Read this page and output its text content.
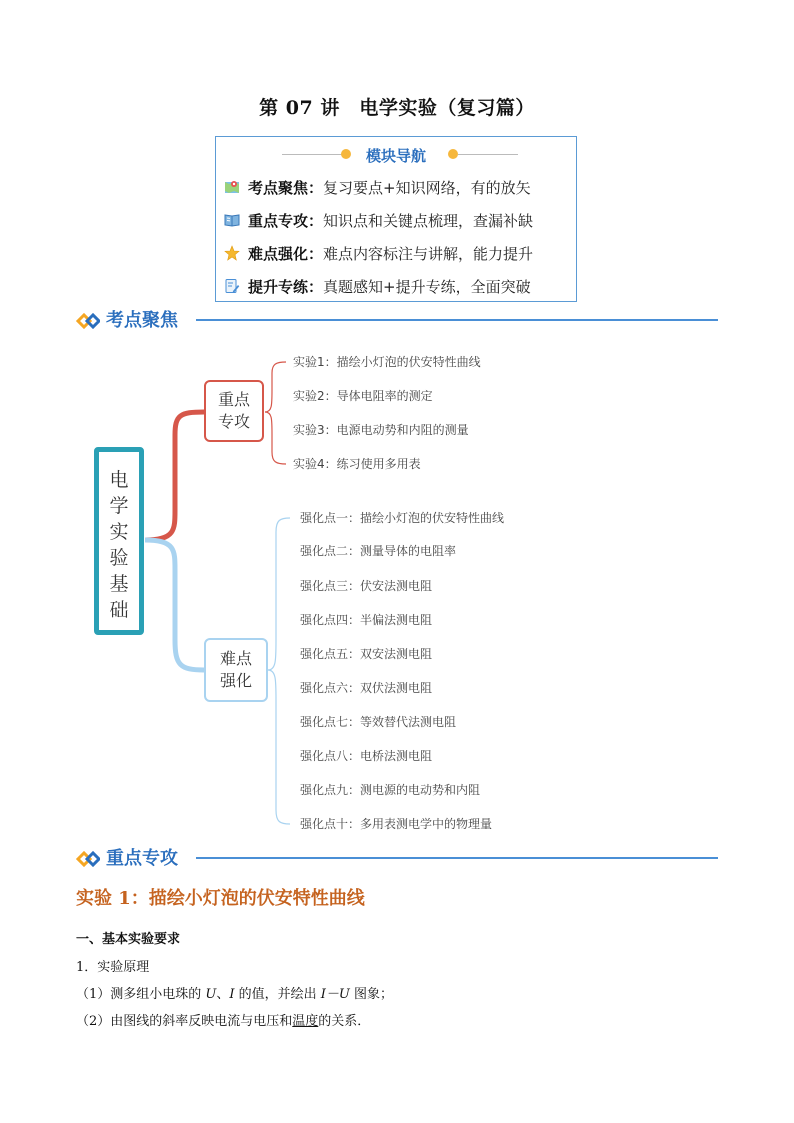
第 07 讲　电学实验（复习篇）
模块导航
考点聚焦：复习要点+知识网络，有的放矢
重点专攻：知识点和关键点梳理，查漏补缺
难点强化：难点内容标注与讲解，能力提升
提升专练：真题感知+提升专练，全面突破
考点聚焦
电
学
实
验
基
础
重点
专攻
难点
强化
实验1：描绘小灯泡的伏安特性曲线
实验2：导体电阻率的测定
实验3：电源电动势和内阻的测量
实验4：练习使用多用表
强化点一：描绘小灯泡的伏安特性曲线
强化点二：测量导体的电阻率
强化点三：伏安法测电阻
强化点四：半偏法测电阻
强化点五：双安法测电阻
强化点六：双伏法测电阻
强化点七：等效替代法测电阻
强化点八：电桥法测电阻
强化点九：测电源的电动势和内阻
强化点十：多用表测电学中的物理量
重点专攻
实验 1：描绘小灯泡的伏安特性曲线
一、基本实验要求
1．实验原理
（1）测多组小电珠的 U、I 的值，并绘出 I－U 图象；
（2）由图线的斜率反映电流与电压和温度的关系．
